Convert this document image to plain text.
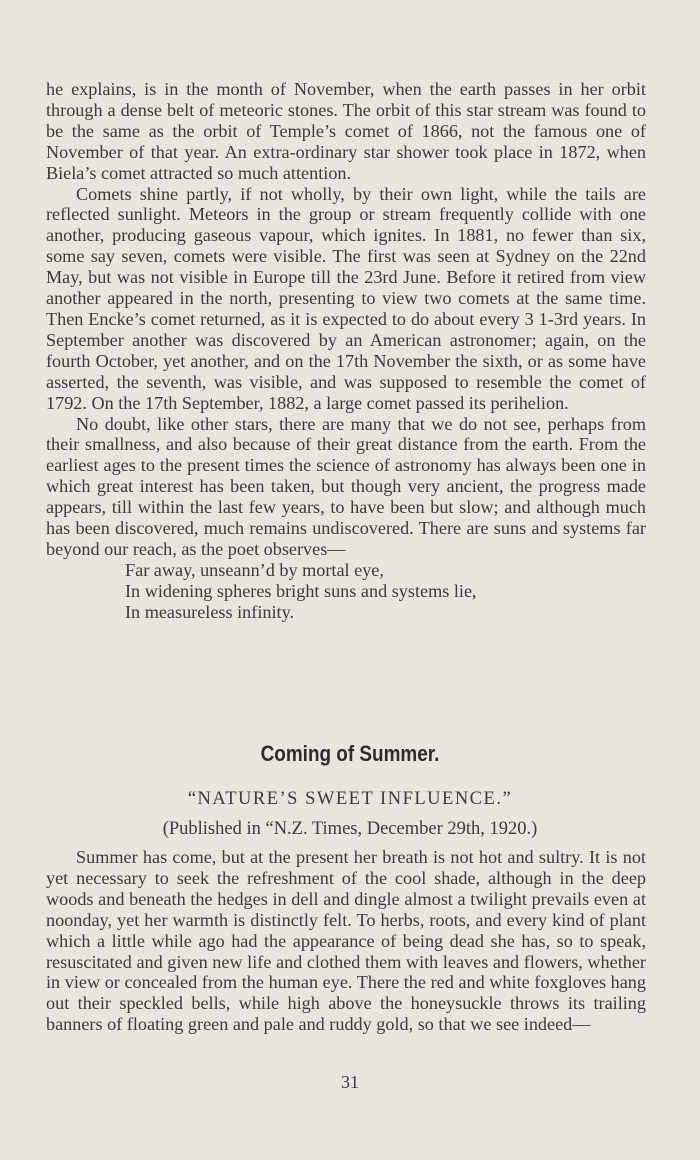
he explains, is in the month of November, when the earth passes in her orbit through a dense belt of meteoric stones. The orbit of this star stream was found to be the same as the orbit of Temple’s comet of 1866, not the famous one of November of that year. An extra-ordinary star shower took place in 1872, when Biela’s comet attracted so much attention.

Comets shine partly, if not wholly, by their own light, while the tails are reflected sunlight. Meteors in the group or stream frequently collide with one another, producing gaseous vapour, which ignites. In 1881, no fewer than six, some say seven, comets were visible. The first was seen at Sydney on the 22nd May, but was not visible in Europe till the 23rd June. Before it retired from view another appeared in the north, presenting to view two comets at the same time. Then Encke’s comet returned, as it is expected to do about every 3 1-3rd years. In September another was discovered by an American astronomer; again, on the fourth October, yet another, and on the 17th November the sixth, or as some have asserted, the seventh, was visible, and was supposed to resemble the comet of 1792. On the 17th September, 1882, a large comet passed its perihelion.

No doubt, like other stars, there are many that we do not see, perhaps from their smallness, and also because of their great distance from the earth. From the earliest ages to the present times the science of astronomy has always been one in which great interest has been taken, but though very ancient, the progress made appears, till within the last few years, to have been but slow; and although much has been discovered, much remains undiscovered. There are suns and systems far beyond our reach, as the poet observes—

Far away, unseann’d by mortal eye,
In widening spheres bright suns and systems lie,
In measureless infinity.
Coming of Summer.
“NATURE’S SWEET INFLUENCE.”
(Published in “N.Z. Times, December 29th, 1920.)

Summer has come, but at the present her breath is not hot and sultry. It is not yet necessary to seek the refreshment of the cool shade, although in the deep woods and beneath the hedges in dell and dingle almost a twilight prevails even at noonday, yet her warmth is distinctly felt. To herbs, roots, and every kind of plant which a little while ago had the appearance of being dead she has, so to speak, resuscitated and given new life and clothed them with leaves and flowers, whether in view or concealed from the human eye. There the red and white foxgloves hang out their speckled bells, while high above the honeysuckle throws its trailing banners of floating green and pale and ruddy gold, so that we see indeed—

31
